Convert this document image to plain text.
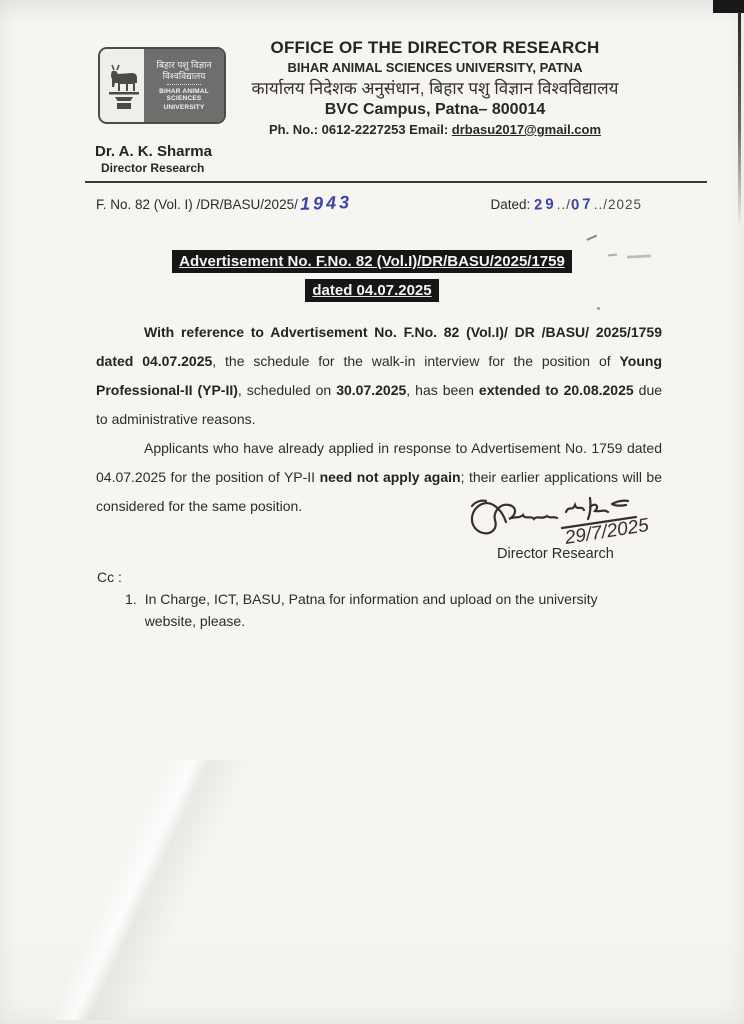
बिहार पशु विज्ञान
विश्वविद्यालय
BIHAR ANIMAL SCIENCES
UNIVERSITY
OFFICE OF THE DIRECTOR RESEARCH
BIHAR ANIMAL SCIENCES UNIVERSITY, PATNA
कार्यालय निदेशक अनुसंधान, बिहार पशु विज्ञान विश्वविद्यालय
BVC Campus, Patna– 800014
Ph. No.: 0612-2227253 Email: drbasu2017@gmail.com
Dr. A. K. Sharma
Director Research
F. No. 82 (Vol. I) /DR/BASU/2025/1943	Dated: 29../07../2025
Advertisement No. F.No. 82 (Vol.I)/DR/BASU/2025/1759
dated 04.07.2025

With reference to Advertisement No. F.No. 82 (Vol.I)/ DR /BASU/ 2025/1759 dated 04.07.2025, the schedule for the walk-in interview for the position of Young Professional-II (YP-II), scheduled on 30.07.2025, has been extended to 20.08.2025 due to administrative reasons.

Applicants who have already applied in response to Advertisement No. 1759 dated 04.07.2025 for the position of YP-II need not apply again; their earlier applications will be considered for the same position.

29/7/2025
Director Research
Cc :
1. In Charge, ICT, BASU, Patna for information and upload on the university website, please.
